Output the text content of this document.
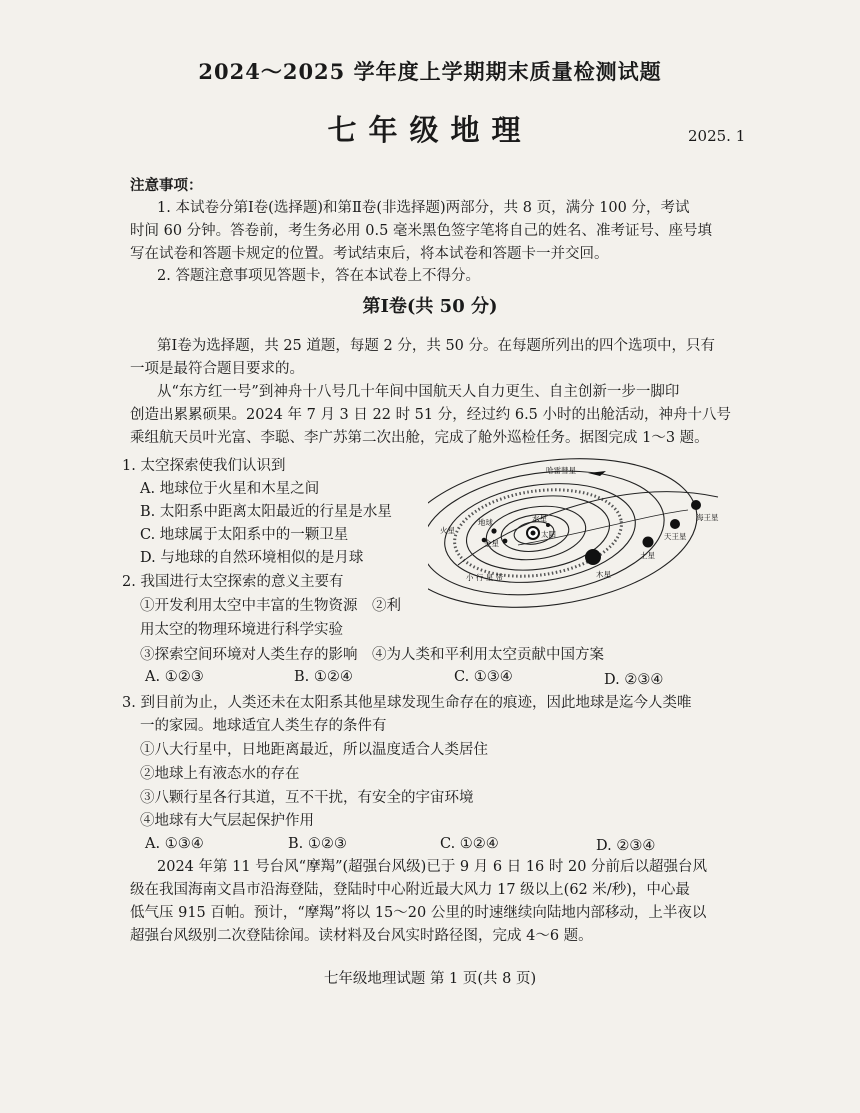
2024～2025 学年度上学期期末质量检测试题
七年级地理	2025. 1
注意事项：
1. 本试卷分第Ⅰ卷(选择题)和第Ⅱ卷(非选择题)两部分，共 8 页，满分 100 分，考试
时间 60 分钟。答卷前，考生务必用 0.5 毫米黑色签字笔将自己的姓名、准考证号、座号填
写在试卷和答题卡规定的位置。考试结束后，将本试卷和答题卡一并交回。
2. 答题注意事项见答题卡，答在本试卷上不得分。
第Ⅰ卷(共 50 分)
第Ⅰ卷为选择题，共 25 道题，每题 2 分，共 50 分。在每题所列出的四个选项中，只有
一项是最符合题目要求的。
从“东方红一号”到神舟十八号几十年间中国航天人自力更生、自主创新一步一脚印
创造出累累硕果。2024 年 7 月 3 日 22 时 51 分，经过约 6.5 小时的出舱活动，神舟十八号
乘组航天员叶光富、李聪、李广苏第二次出舱，完成了舱外巡检任务。据图完成 1～3 题。
1. 太空探索使我们认识到
A. 地球位于火星和木星之间
B. 太阳系中距离太阳最近的行星是水星
C. 地球属于太阳系中的一颗卫星
D. 与地球的自然环境相似的是月球
2. 我国进行太空探索的意义主要有
①开发利用太空中丰富的生物资源　②利
用太空的物理环境进行科学实验
③探索空间环境对人类生存的影响　④为人类和平利用太空贡献中国方案
A. ①②③	B. ①②④	C. ①③④	D. ②③④
3. 到目前为止，人类还未在太阳系其他星球发现生命存在的痕迹，因此地球是迄今人类唯
一的家园。地球适宜人类生存的条件有
①八大行星中，日地距离最近，所以温度适合人类居住
②地球上有液态水的存在
③八颗行星各行其道，互不干扰，有安全的宇宙环境
④地球有大气层起保护作用
A. ①③④	B. ①②③	C. ①②④	D. ②③④
2024 年第 11 号台风“摩羯”(超强台风级)已于 9 月 6 日 16 时 20 分前后以超强台风
级在我国海南文昌市沿海登陆，登陆时中心附近最大风力 17 级以上(62 米/秒)，中心最
低气压 915 百帕。预计，“摩羯”将以 15～20 公里的时速继续向陆地内部移动，上半夜以
超强台风级别二次登陆徐闻。读材料及台风实时路径图，完成 4～6 题。
哈雷彗星
海王星
天王星
土星
木星
火星
地球	水星
太阳
金星
小 行 星 带
七年级地理试题 第 1 页(共 8 页)
